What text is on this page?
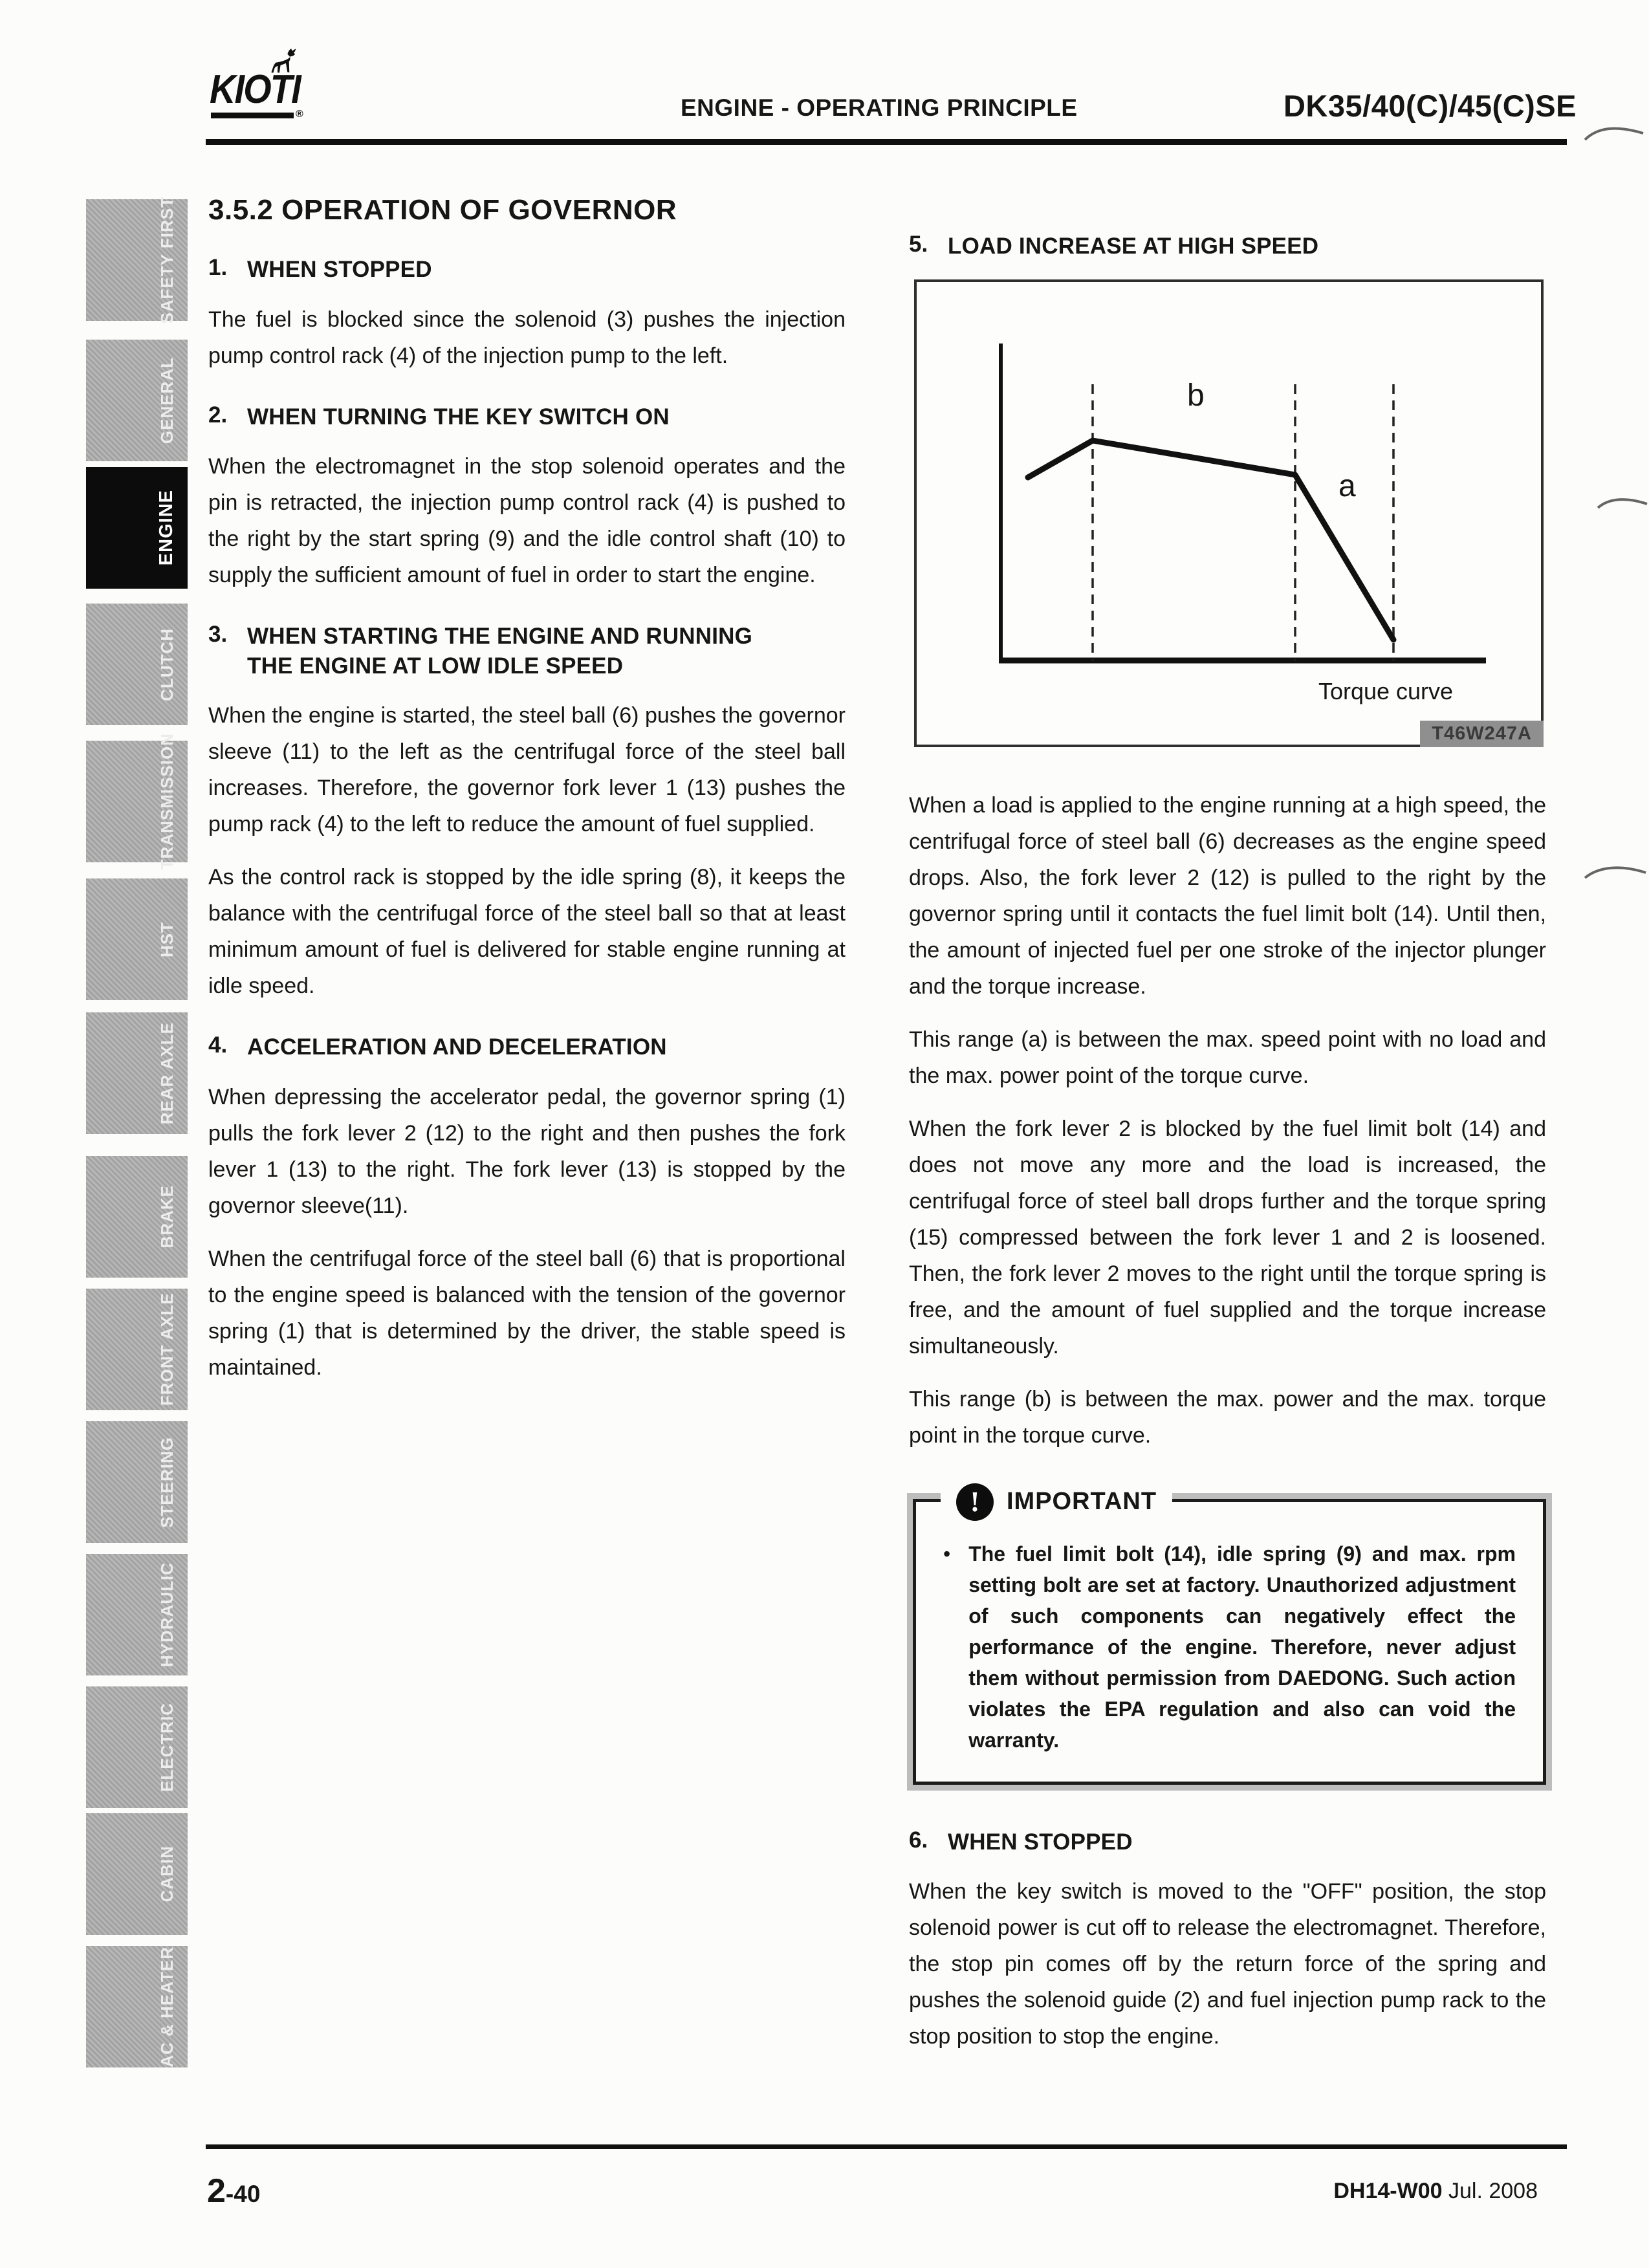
KIOTI
®	ENGINE - OPERATING PRINCIPLE	DK35/40(C)/45(C)SE
SAFETY FIRST
GENERAL
ENGINE
CLUTCH
TRANSMISSION
HST
REAR AXLE
BRAKE
FRONT AXLE
STEERING
HYDRAULIC
ELECTRIC
CABIN
AC & HEATER
3.5.2 OPERATION OF GOVERNOR
1. WHEN STOPPED

The fuel is blocked since the solenoid (3) pushes the injection pump control rack (4) of the injection pump to the left.

2. WHEN TURNING THE KEY SWITCH ON

When the electromagnet in the stop solenoid operates and the pin is retracted, the injection pump control rack (4) is pushed to the right by the start spring (9) and the idle control shaft (10) to supply the sufficient amount of fuel in order to start the engine.

3. WHEN STARTING THE ENGINE AND RUNNING THE ENGINE AT LOW IDLE SPEED

When the engine is started, the steel ball (6) pushes the governor sleeve (11) to the left as the centrifugal force of the steel ball increases. Therefore, the governor fork lever 1 (13) pushes the pump rack (4) to the left to reduce the amount of fuel supplied.

As the control rack is stopped by the idle spring (8), it keeps the balance with the centrifugal force of the steel ball so that at least minimum amount of fuel is delivered for stable engine running at idle speed.

4. ACCELERATION AND DECELERATION

When depressing the accelerator pedal, the governor spring (1) pulls the fork lever 2 (12) to the right and then pushes the fork lever 1 (13) to the right. The fork lever (13) is stopped by the governor sleeve(11).

When the centrifugal force of the steel ball (6) that is proportional to the engine speed is balanced with the tension of the governor spring (1) that is determined by the driver, the stable speed is maintained.

5. LOAD INCREASE AT HIGH SPEED
b
a
Torque curve
T46W247A

When a load is applied to the engine running at a high speed, the centrifugal force of steel ball (6) decreases as the engine speed drops. Also, the fork lever 2 (12) is pulled to the right by the governor spring until it contacts the fuel limit bolt (14). Until then, the amount of injected fuel per one stroke of the injector plunger and the torque increase.

This range (a) is between the max. speed point with no load and the max. power point of the torque curve.

When the fork lever 2 is blocked by the fuel limit bolt (14) and does not move any more and the load is increased, the centrifugal force of steel ball drops further and the torque spring (15) compressed between the fork lever 1 and 2 is loosened. Then, the fork lever 2 moves to the right until the torque spring is free, and the amount of fuel supplied and the torque increase simultaneously.

This range (b) is between the max. power and the max. torque point in the torque curve.

!	IMPORTANT
• The fuel limit bolt (14), idle spring (9) and max. rpm setting bolt are set at factory. Unauthorized adjustment of such components can negatively effect the performance of the engine. Therefore, never adjust them without permission from DAEDONG. Such action violates the EPA regulation and also can void the warranty.
6. WHEN STOPPED

When the key switch is moved to the "OFF" position, the stop solenoid power is cut off to release the electromagnet. Therefore, the stop pin comes off by the return force of the spring and pushes the solenoid guide (2) and fuel injection pump rack to the stop position to stop the engine.

2-40	DH14-W00 Jul. 2008
